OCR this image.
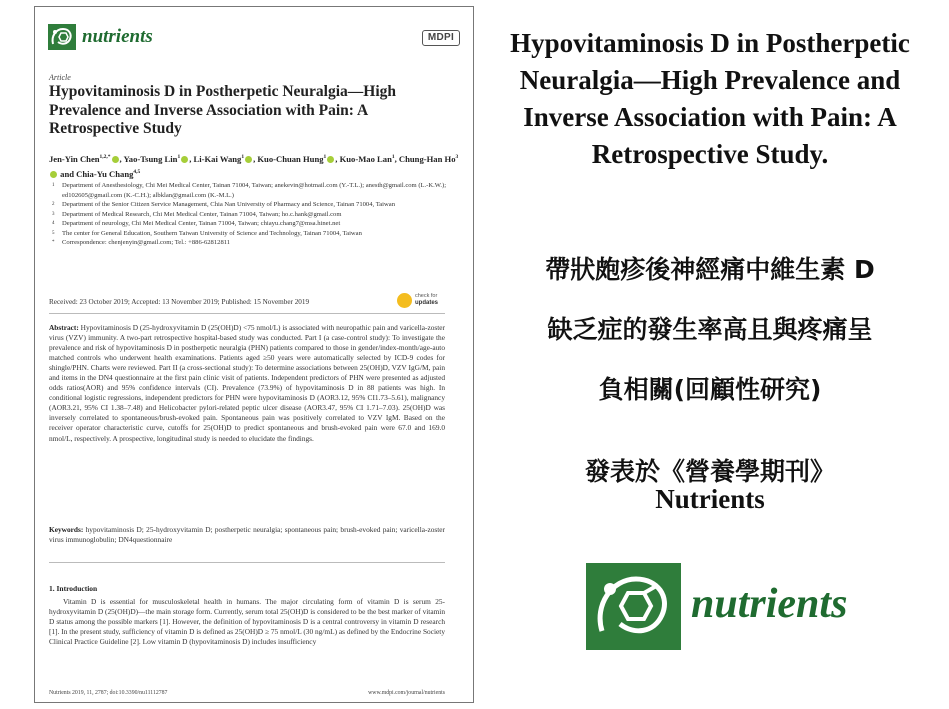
nutrients	MDPI
Article
Hypovitaminosis D in Postherpetic Neuralgia—High Prevalence and Inverse Association with Pain: A Retrospective Study
Jen-Yin Chen$^{1,2,*}$ , Yao-Tsung Lin$^1$ , Li-Kai Wang$^1$ , Kuo-Chuan Hung$^1$ , Kuo-Mao Lan$^1$, Chung-Han Ho$^3$ and Chia-Yu Chang$^{4,5}$
1 Department of Anesthesiology, Chi Mei Medical Center, Tainan 71004, Taiwan; anekevin@hotmail.com (Y.-T.L.); anesth@gmail.com (L.-K.W.); ed102605@gmail.com (K.-C.H.); albklan@gmail.com (K.-M.L.)
2 Department of the Senior Citizen Service Management, Chia Nan University of Pharmacy and Science, Tainan 71004, Taiwan
3 Department of Medical Research, Chi Mei Medical Center, Tainan 71004, Taiwan; ho.c.hank@gmail.com
4 Department of neurology, Chi Mei Medical Center, Tainan 71004, Taiwan; chiayu.chang7@msa.hinet.net
5 The center for General Education, Southern Taiwan University of Science and Technology, Tainan 71004, Taiwan
* Correspondence: chenjenyin@gmail.com; Tel.: +886-62812811
Received: 23 October 2019; Accepted: 13 November 2019; Published: 15 November 2019
check for
updates
Abstract: Hypovitaminosis D (25-hydroxyvitamin D (25(OH)D) <75 nmol/L) is associated with neuropathic pain and varicella-zoster virus (VZV) immunity. A two-part retrospective hospital-based study was conducted. Part I (a case-control study): To investigate the prevalence and risk of hypovitaminosis D in postherpetic neuralgia (PHN) patients compared to those in gender/index-month/age-auto matched controls who underwent health examinations. Patients aged ≥50 years were automatically selected by ICD-9 codes for shingle/PHN. Charts were reviewed. Part II (a cross-sectional study): To determine associations between 25(OH)D, VZV IgG/M, pain and items in the DN4 questionnaire at the first pain clinic visit of patients. Independent predictors of PHN were presented as adjusted odds ratios(AOR) and 95% confidence intervals (CI). Prevalence (73.9%) of hypovitaminosis D in 88 patients was high. In conditional logistic regressions, independent predictors for PHN were hypovitaminosis D (AOR3.12, 95% CI1.73–5.61), malignancy (AOR3.21, 95% CI 1.38–7.48) and Helicobacter pylori-related peptic ulcer disease (AOR3.47, 95% CI 1.71–7.03). 25(OH)D was inversely correlated to spontaneous/brush-evoked pain. Spontaneous pain was positively correlated to VZV IgM. Based on the receiver operator characteristic curve, cutoffs for 25(OH)D to predict spontaneous and brush-evoked pain were 67.0 and 169.0 nmol/L, respectively. A prospective, longitudinal study is needed to elucidate the findings.
Keywords: hypovitaminosis D; 25-hydroxyvitamin D; postherpetic neuralgia; spontaneous pain; brush-evoked pain; varicella-zoster virus immunoglobulin; DN4questionnaire
1. Introduction
Vitamin D is essential for musculoskeletal health in humans. The major circulating form of vitamin D is serum 25-hydroxyvitamin D (25(OH)D)—the main storage form. Currently, serum total 25(OH)D is considered to be the best marker of vitamin D status among the possible markers [1]. However, the definition of hypovitaminosis D is a central controversy in vitamin D research [1]. In the present study, sufficiency of vitamin D is defined as 25(OH)D ≥ 75 nmol/L (30 ng/mL) as defined by the Endocrine Society Clinical Practice Guideline [2]. Low vitamin D (hypovitaminosis D) includes insufficiency
Nutrients 2019, 11, 2787; doi:10.3390/nu11112787	www.mdpi.com/journal/nutrients
Hypovitaminosis D in Postherpetic Neuralgia—High Prevalence and Inverse Association with Pain: A Retrospective Study.
帶狀皰疹後神經痛中維生素 D
缺乏症的發生率高且與疼痛呈
負相關(回顧性研究)
發表於《營養學期刊》
Nutrients
nutrients
